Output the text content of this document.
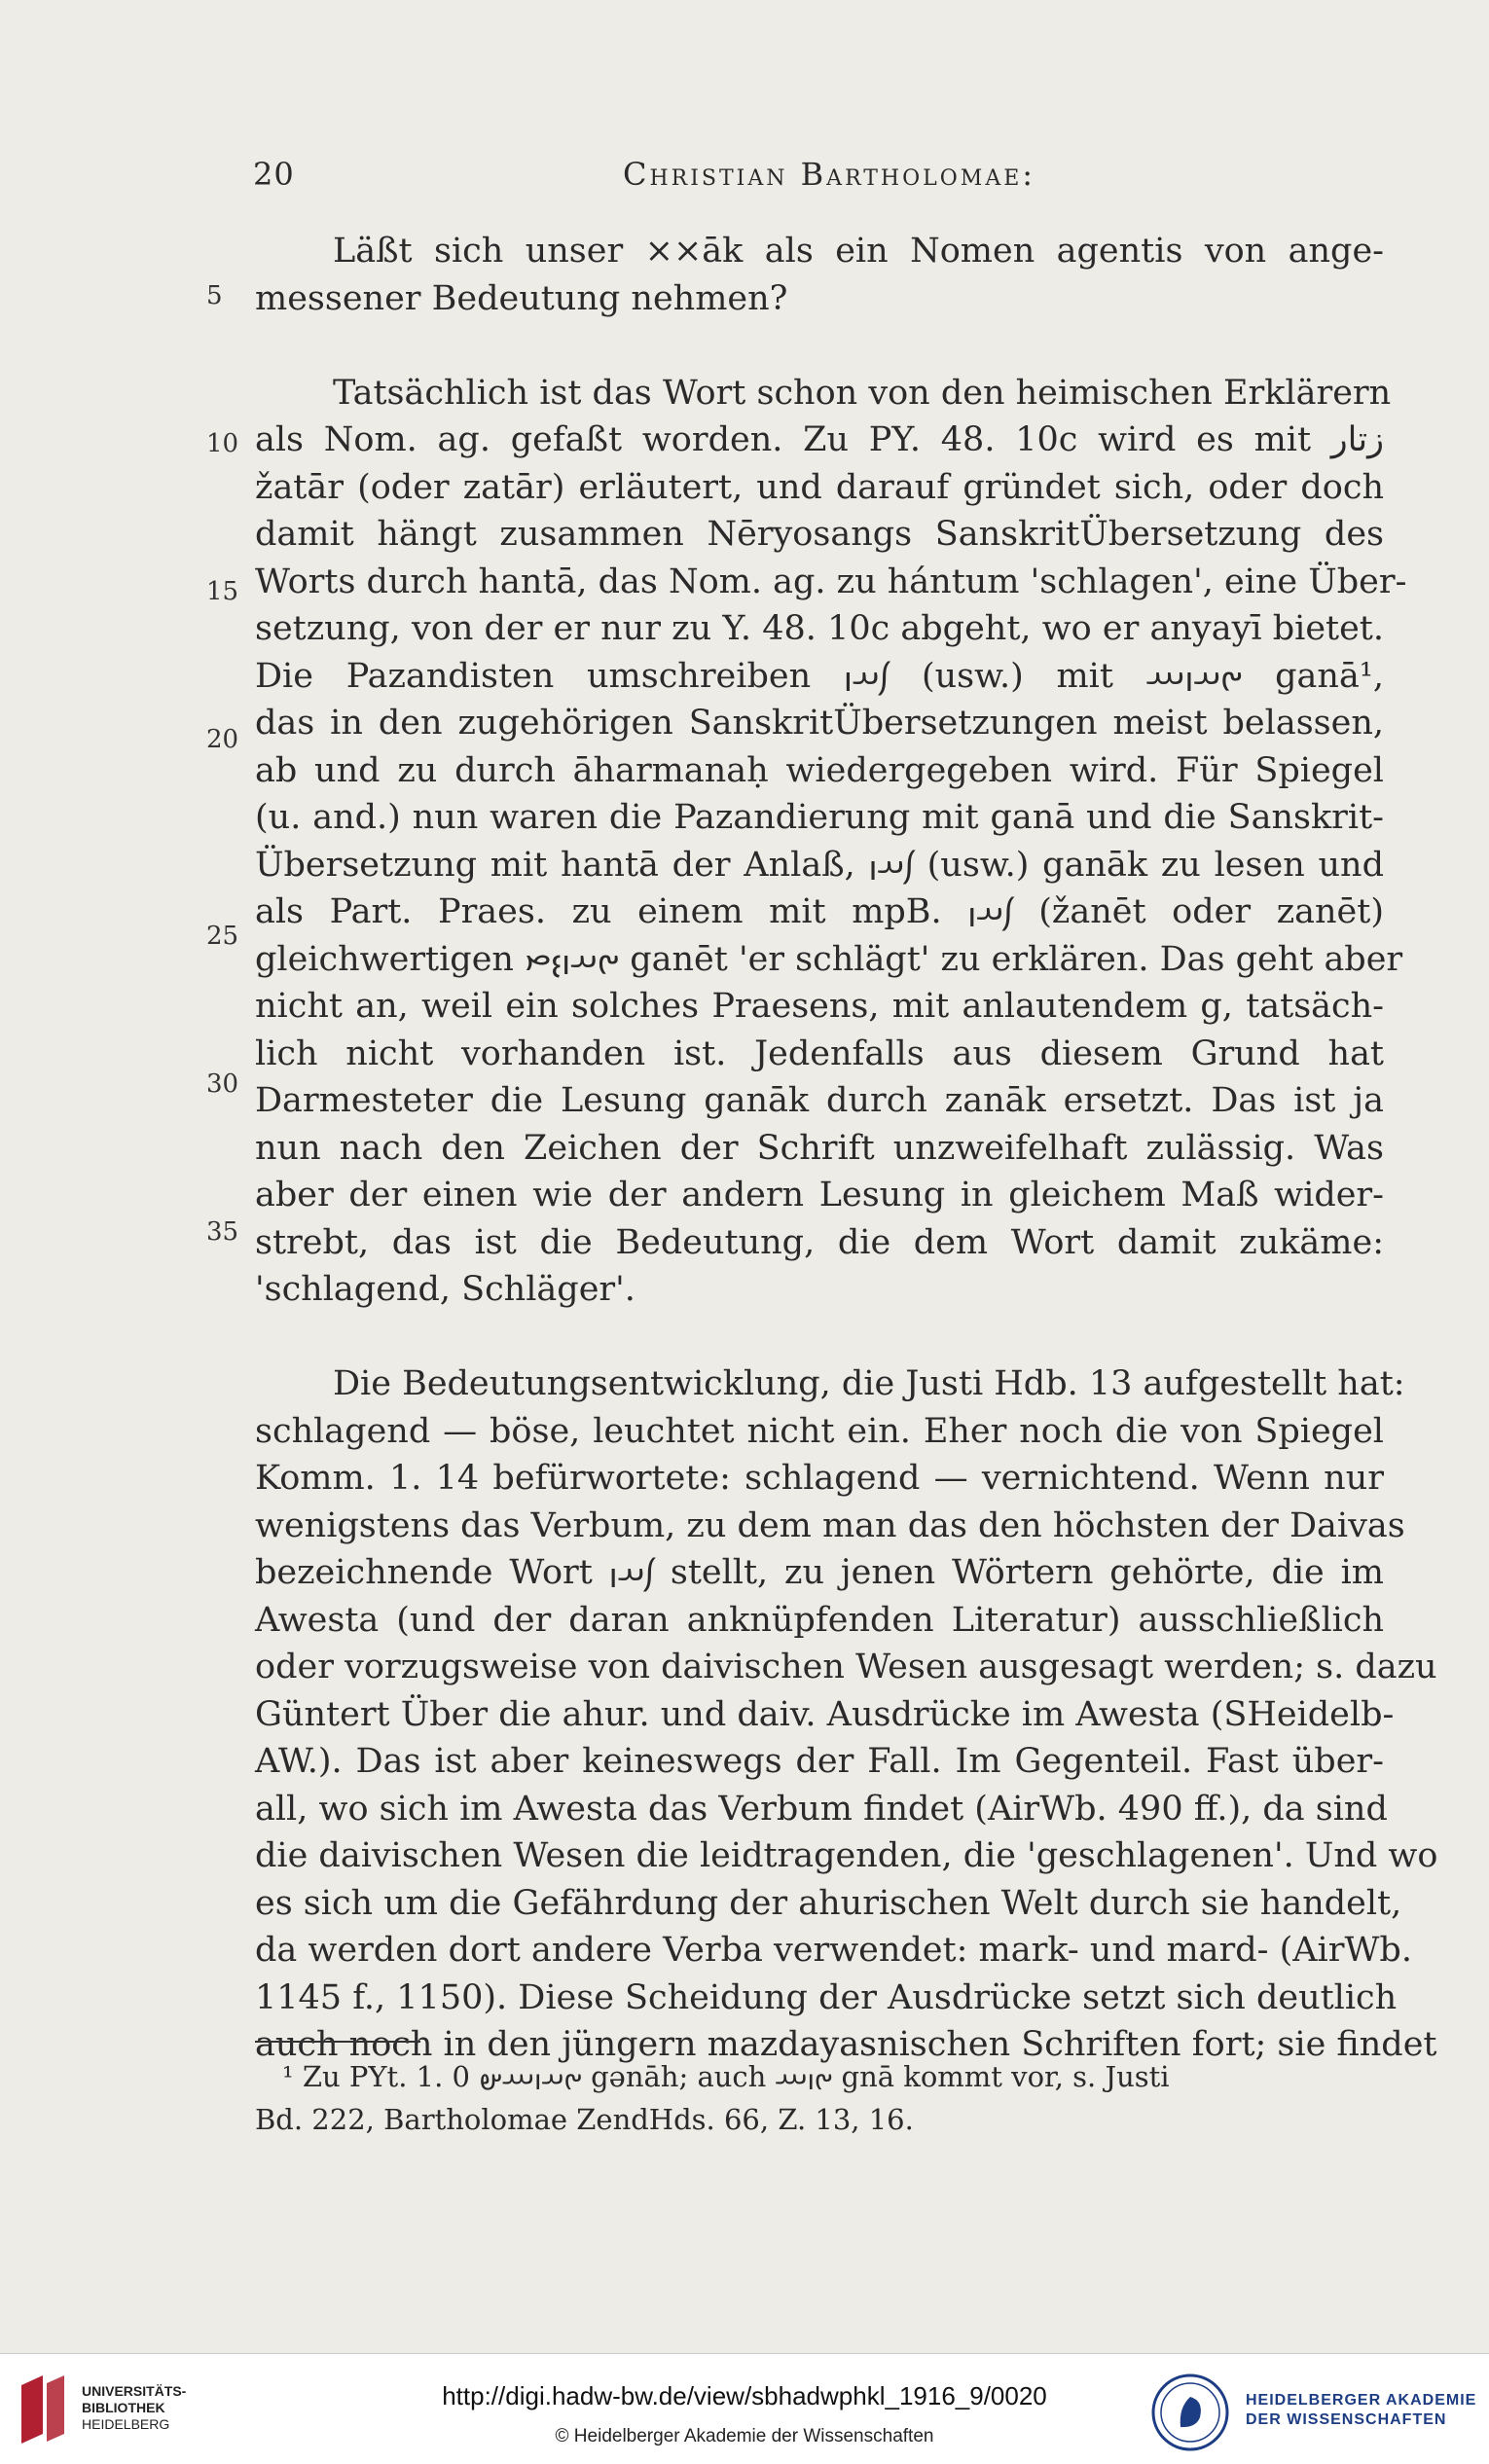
20	Christian Bartholomae:
5
10
15
20
25
30
35
Läßt sich unser ××āk als ein Nomen agentis von ange-
messener Bedeutung nehmen?
Tatsächlich ist das Wort schon von den heimischen Erklärern
als Nom. ag. gefaßt worden. Zu PY. 48. 10c wird es mit زتار
žatār (oder zatār) erläutert, und darauf gründet sich, oder doch
damit hängt zusammen Nēryosangs SanskritÜbersetzung des
Worts durch hantā, das Nom. ag. zu hántum 'schlagen', eine Über-
setzung, von der er nur zu Y. 48. 10c abgeht, wo er anyayī bietet.
Die Pazandisten umschreiben 𐬰𐬀𐬥 (usw.) mit 𐬔𐬀𐬥𐬁 ganā¹,
das in den zugehörigen SanskritÜbersetzungen meist belassen,
ab und zu durch āharmanaḥ wiedergegeben wird. Für Spiegel
(u. and.) nun waren die Pazandierung mit ganā und die Sanskrit-
Übersetzung mit hantā der Anlaß, 𐬰𐬀𐬥 (usw.) ganāk zu lesen und
als Part. Praes. zu einem mit mpB. 𐬰𐬀𐬥 (žanēt oder zanēt)
gleichwertigen 𐬔𐬀𐬥𐬆𐬙 ganēt 'er schlägt' zu erklären. Das geht aber
nicht an, weil ein solches Praesens, mit anlautendem g, tatsäch-
lich nicht vorhanden ist. Jedenfalls aus diesem Grund hat
Darmesteter die Lesung ganāk durch zanāk ersetzt. Das ist ja
nun nach den Zeichen der Schrift unzweifelhaft zulässig. Was
aber der einen wie der andern Lesung in gleichem Maß wider-
strebt, das ist die Bedeutung, die dem Wort damit zukäme:
'schlagend, Schläger'.
Die Bedeutungsentwicklung, die Justi Hdb. 13 aufgestellt hat:
schlagend — böse, leuchtet nicht ein. Eher noch die von Spiegel
Komm. 1. 14 befürwortete: schlagend — vernichtend. Wenn nur
wenigstens das Verbum, zu dem man das den höchsten der Daivas
bezeichnende Wort 𐬰𐬀𐬥 stellt, zu jenen Wörtern gehörte, die im
Awesta (und der daran anknüpfenden Literatur) ausschließlich
oder vorzugsweise von daivischen Wesen ausgesagt werden; s. dazu
Güntert Über die ahur. und daiv. Ausdrücke im Awesta (SHeidelb-
AW.). Das ist aber keineswegs der Fall. Im Gegenteil. Fast über-
all, wo sich im Awesta das Verbum findet (AirWb. 490 ff.), da sind
die daivischen Wesen die leidtragenden, die 'geschlagenen'. Und wo
es sich um die Gefährdung der ahurischen Welt durch sie handelt,
da werden dort andere Verba verwendet: mark- und mard- (AirWb.
1145 f., 1150). Diese Scheidung der Ausdrücke setzt sich deutlich
auch noch in den jüngern mazdayasnischen Schriften fort; sie findet
¹ Zu PYt. 1. 0 𐬔𐬀𐬥𐬁𐬵 gənāh; auch 𐬔𐬥𐬁 gnā kommt vor, s. Justi
Bd. 222, Bartholomae ZendHds. 66, Z. 13, 16.
UNIVERSITÄTS-
BIBLIOTHEK
HEIDELBERG
http://digi.hadw-bw.de/view/sbhadwphkl_1916_9/0020
© Heidelberger Akademie der Wissenschaften
HEIDELBERGER AKADEMIE
DER WISSENSCHAFTEN
